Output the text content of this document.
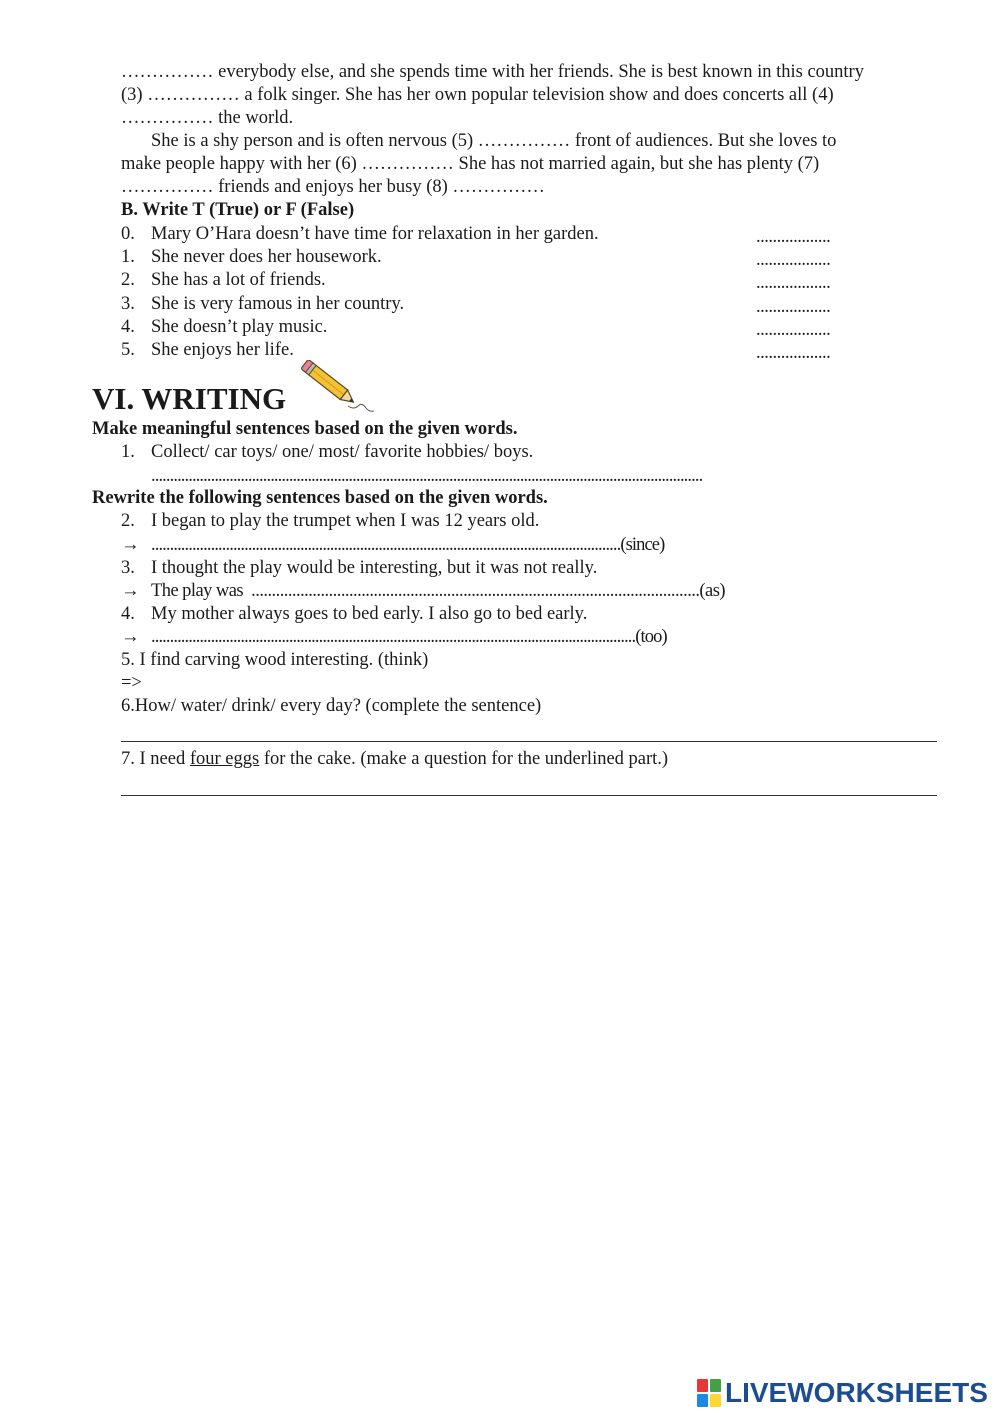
…………… everybody else, and she spends time with her friends. She is best known in this country
(3) …………… a folk singer. She has her own popular television show and does concerts all (4)
…………… the world.
She is a shy person and is often nervous (5) …………… front of audiences. But she loves to
make people happy with her (6) …………… She has not married again, but she has plenty (7)
…………… friends and enjoys her busy (8) ……………
B. Write T (True) or F (False)
0. Mary O’Hara doesn’t have time for relaxation in her garden.	..................
1. She never does her housework.	..................
2. She has a lot of friends.	..................
3. She is very famous in her country.	..................
4. She doesn’t play music.	..................
5. She enjoys her life.	..................
VI. WRITING
Make meaningful sentences based on the given words.
1. Collect/ car toys/ one/ most/ favorite hobbies/ boys.
....................................................................................................................................................
Rewrite the following sentences based on the given words.
2. I began to play the trumpet when I was 12 years old.
→ ..............................................................................................................................(since)
3. I thought the play would be interesting, but it was not really.
→ The play was  ..............................................................................................................(as)
4. My mother always goes to bed early. I also go to bed early.
→ ..................................................................................................................................(too)
5. I find carving wood interesting. (think)
=>
6.How/ water/ drink/ every day? (complete the sentence)
7. I need four eggs for the cake. (make a question for the underlined part.)
LIVEWORKSHEETS
